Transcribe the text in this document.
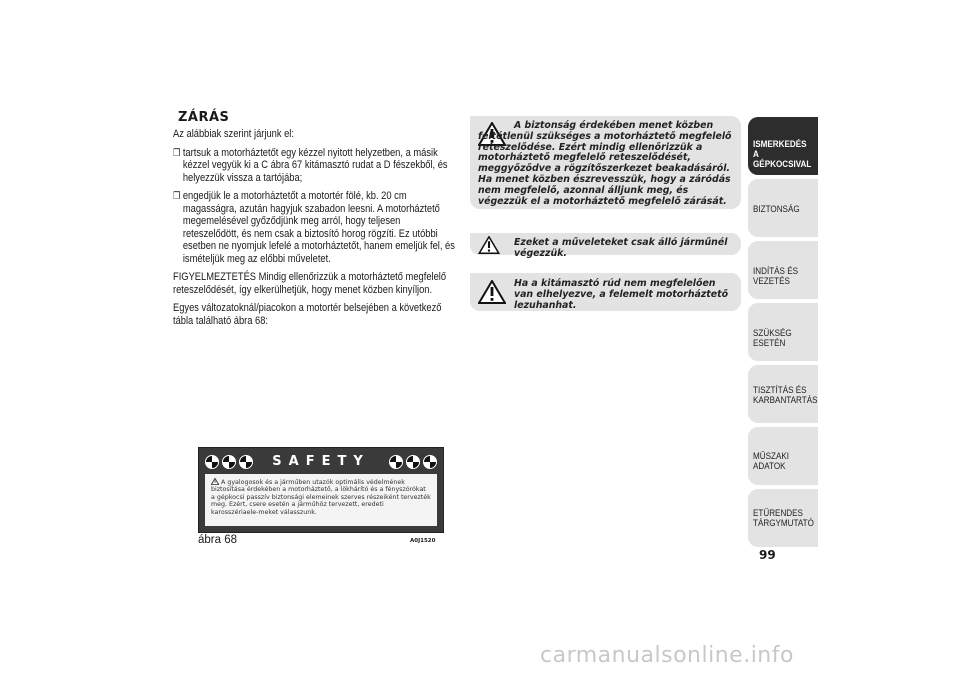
ZÁRÁS

Az alábbiak szerint járjunk el:

❒ tartsuk a motorháztetőt egy kézzel nyitott helyzetben, a másik kézzel vegyük ki a C ábra 67 kitámasztó rudat a D fészekből, és helyezzük vissza a tartójába;
❒ engedjük le a motorháztetőt a motortér fölé, kb. 20 cm magasságra, azután hagyjuk szabadon leesni. A motorháztető megemelésével győződjünk meg arról, hogy teljesen reteszelődött, és nem csak a biztosító horog rögzíti. Ez utóbbi esetben ne nyomjuk lefelé a motorháztetőt, hanem emeljük fel, és ismételjük meg az előbbi műveletet.

FIGYELMEZTETÉS Mindig ellenőrizzük a motorháztető megfelelő reteszelődését, így elkerülhetjük, hogy menet közben kinyíljon.

Egyes változatoknál/piacokon a motortér belsejében a következő tábla található ábra 68:

A biztonság érdekében menet közben feltétlenül szükséges a motorháztető megfelelő reteszelődése. Ezért mindig ellenőrizzük a motorháztető megfelelő reteszelődését, meggyőződve a rögzítőszerkezet beakadásáról. Ha menet közben észrevesszük, hogy a záródás nem megfelelő, azonnal álljunk meg, és végezzük el a motorháztető megfelelő zárását.
Ezeket a műveleteket csak álló járműnél végezzük.
Ha a kitámasztó rúd nem megfelelően van elhelyezve, a felemelt motorháztető lezuhanhat.
SAFETY
A gyalogosok és a járműben utazók optimális védelmének biztosítása érdekében a motorháztető, a lökhárító és a fényszórókat a gépkocsi passzív biztonsági elemeinek szerves részeiként tervezték meg. Ezért, csere esetén a járműhöz tervezett, eredeti karosszériaele-meket válasszunk.
ábra 68	A0J1520
ISMERKEDÉS A GÉPKOCSIVAL
BIZTONSÁG
INDÍTÁS ÉS VEZETÉS
SZÜKSÉG ESETÉN
TISZTÍTÁS ÉS KARBANTARTÁS
MŰSZAKI ADATOK
ETŰRENDES TÁRGYMUTATÓ
99
carmanualsonline.info
